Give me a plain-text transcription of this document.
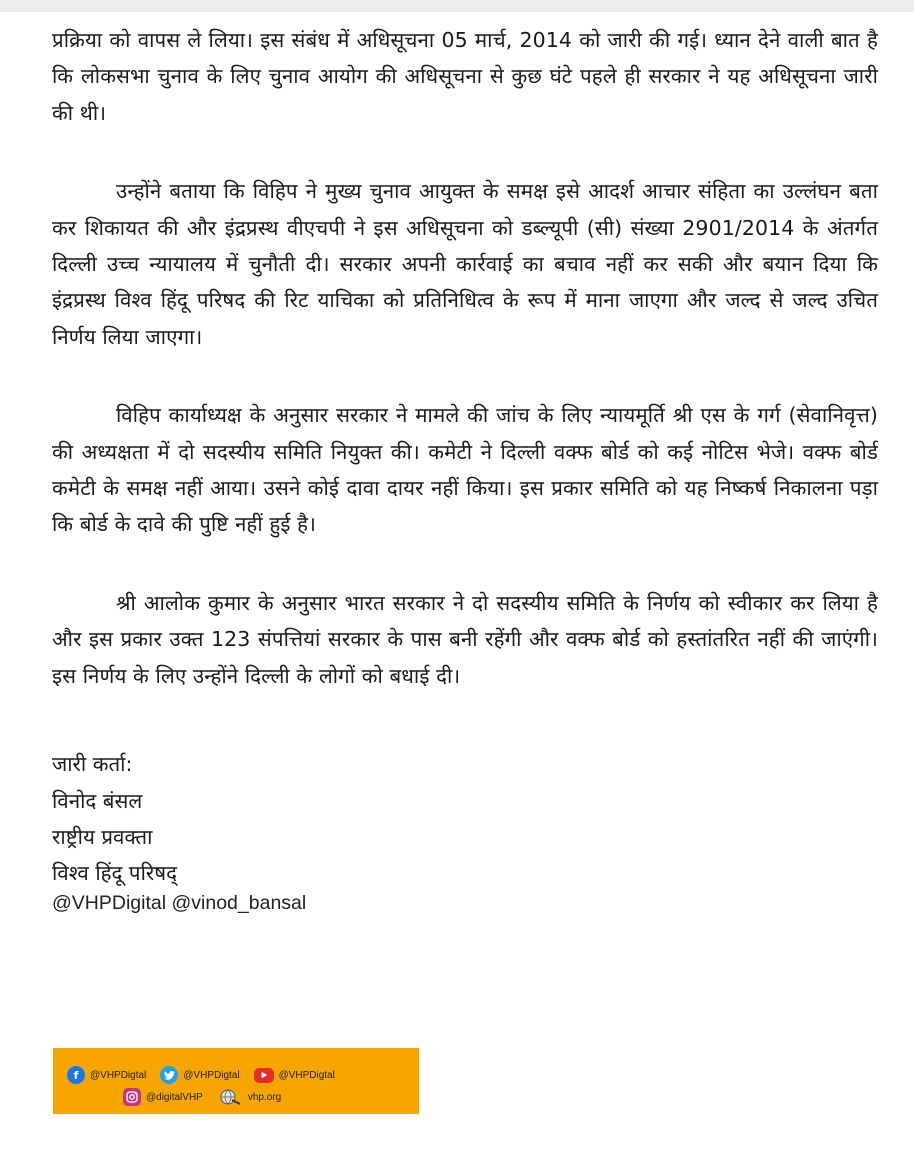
प्रक्रिया को वापस ले लिया। इस संबंध में अधिसूचना 05 मार्च, 2014 को जारी की गई। ध्यान देने वाली बात है कि लोकसभा चुनाव के लिए चुनाव आयोग की अधिसूचना से कुछ घंटे पहले ही सरकार ने यह अधिसूचना जारी की थी।

उन्होंने बताया कि विहिप ने मुख्य चुनाव आयुक्त के समक्ष इसे आदर्श आचार संहिता का उल्लंघन बता कर शिकायत की और इंद्रप्रस्थ वीएचपी ने इस अधिसूचना को डब्ल्यूपी (सी) संख्या 2901/2014 के अंतर्गत दिल्ली उच्च न्यायालय में चुनौती दी। सरकार अपनी कार्रवाई का बचाव नहीं कर सकी और बयान दिया कि इंद्रप्रस्थ विश्व हिंदू परिषद की रिट याचिका को प्रतिनिधित्व के रूप में माना जाएगा और जल्द से जल्द उचित निर्णय लिया जाएगा।

विहिप कार्याध्यक्ष के अनुसार सरकार ने मामले की जांच के लिए न्यायमूर्ति श्री एस के गर्ग (सेवानिवृत्त) की अध्यक्षता में दो सदस्यीय समिति नियुक्त की। कमेटी ने दिल्ली वक्फ बोर्ड को कई नोटिस भेजे। वक्फ बोर्ड कमेटी के समक्ष नहीं आया। उसने कोई दावा दायर नहीं किया। इस प्रकार समिति को यह निष्कर्ष निकालना पड़ा कि बोर्ड के दावे की पुष्टि नहीं हुई है।

श्री आलोक कुमार के अनुसार भारत सरकार ने दो सदस्यीय समिति के निर्णय को स्वीकार कर लिया है और इस प्रकार उक्त 123 संपत्तियां सरकार के पास बनी रहेंगी और वक्फ बोर्ड को हस्तांतरित नहीं की जाएंगी। इस निर्णय के लिए उन्होंने दिल्ली के लोगों को बधाई दी।

जारी कर्ता:

विनोद बंसल

राष्ट्रीय प्रवक्ता

विश्व हिंदू परिषद्

@VHPDigital @vinod_bansal
f	@VHPDigtal	@VHPDigtal	@VHPDigtal
@digitalVHP	vhp.org
